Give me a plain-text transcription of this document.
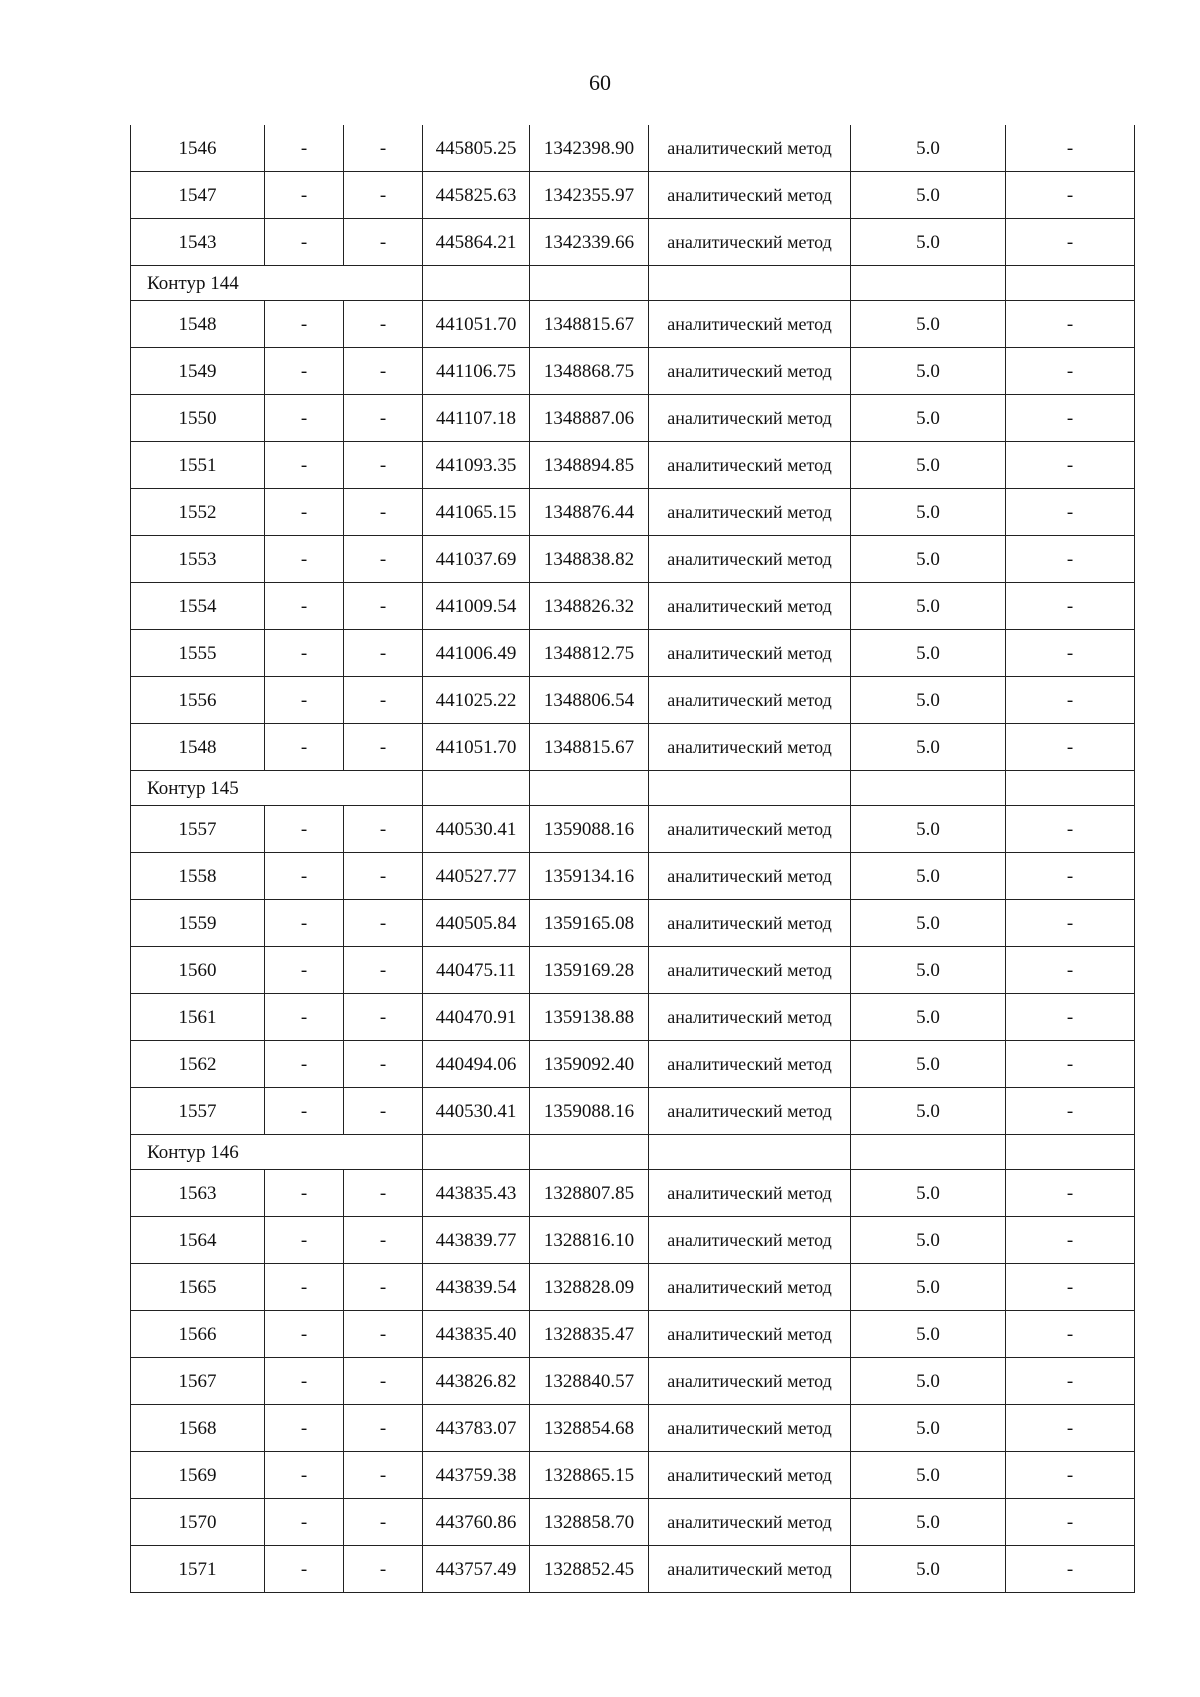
60
1546	-	-	445805.25	1342398.90	аналитический метод	5.0	-
1547	-	-	445825.63	1342355.97	аналитический метод	5.0	-
1543	-	-	445864.21	1342339.66	аналитический метод	5.0	-
Контур 144							
1548	-	-	441051.70	1348815.67	аналитический метод	5.0	-
1549	-	-	441106.75	1348868.75	аналитический метод	5.0	-
1550	-	-	441107.18	1348887.06	аналитический метод	5.0	-
1551	-	-	441093.35	1348894.85	аналитический метод	5.0	-
1552	-	-	441065.15	1348876.44	аналитический метод	5.0	-
1553	-	-	441037.69	1348838.82	аналитический метод	5.0	-
1554	-	-	441009.54	1348826.32	аналитический метод	5.0	-
1555	-	-	441006.49	1348812.75	аналитический метод	5.0	-
1556	-	-	441025.22	1348806.54	аналитический метод	5.0	-
1548	-	-	441051.70	1348815.67	аналитический метод	5.0	-
Контур 145							
1557	-	-	440530.41	1359088.16	аналитический метод	5.0	-
1558	-	-	440527.77	1359134.16	аналитический метод	5.0	-
1559	-	-	440505.84	1359165.08	аналитический метод	5.0	-
1560	-	-	440475.11	1359169.28	аналитический метод	5.0	-
1561	-	-	440470.91	1359138.88	аналитический метод	5.0	-
1562	-	-	440494.06	1359092.40	аналитический метод	5.0	-
1557	-	-	440530.41	1359088.16	аналитический метод	5.0	-
Контур 146							
1563	-	-	443835.43	1328807.85	аналитический метод	5.0	-
1564	-	-	443839.77	1328816.10	аналитический метод	5.0	-
1565	-	-	443839.54	1328828.09	аналитический метод	5.0	-
1566	-	-	443835.40	1328835.47	аналитический метод	5.0	-
1567	-	-	443826.82	1328840.57	аналитический метод	5.0	-
1568	-	-	443783.07	1328854.68	аналитический метод	5.0	-
1569	-	-	443759.38	1328865.15	аналитический метод	5.0	-
1570	-	-	443760.86	1328858.70	аналитический метод	5.0	-
1571	-	-	443757.49	1328852.45	аналитический метод	5.0	-
